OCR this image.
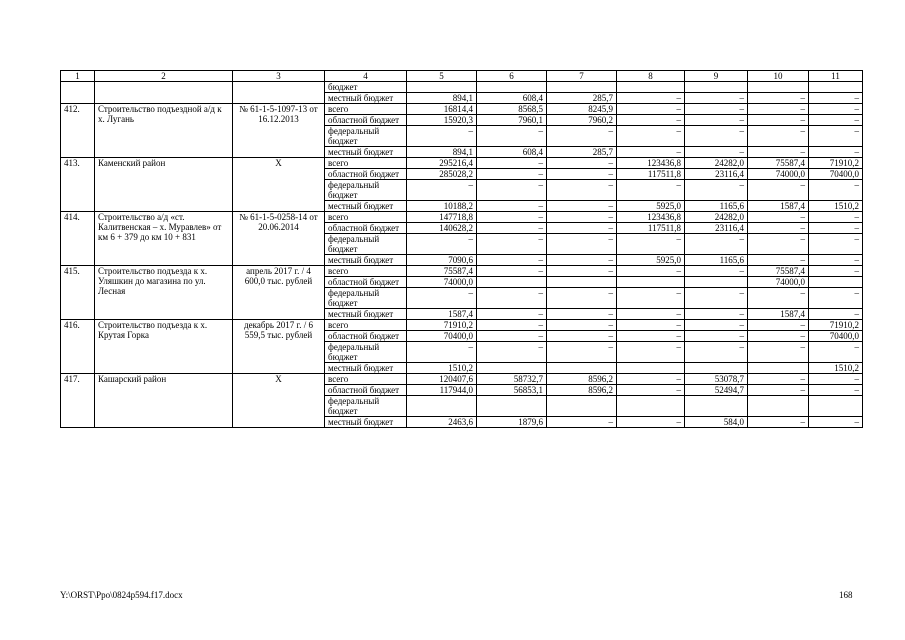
1	2	3	4	5	6	7	8	9	10	11
			бюджет							
			местный бюджет	894,1	608,4	285,7	–	–	–	–
412.	Строительство подъездной а/д к х. Лугань	№ 61-1-5-1097-13 от 16.12.2013	всего	16814,4	8568,5	8245,9	–	–	–	–
			областной бюджет	15920,3	7960,1	7960,2	–	–	–	–
			федеральный бюджет	–	–	–	–	–	–	–
			местный бюджет	894,1	608,4	285,7	–	–	–	–
413.	Каменский район	Х	всего	295216,4	–	–	123436,8	24282,0	75587,4	71910,2
			областной бюджет	285028,2	–	–	117511,8	23116,4	74000,0	70400,0
			федеральный бюджет	–	–	–	–	–	–	–
			местный бюджет	10188,2	–	–	5925,0	1165,6	1587,4	1510,2
414.	Строительство а/д «ст. Калитвенская – х. Муравлев» от км 6 + 379 до км 10 + 831	№ 61-1-5-0258-14 от 20.06.2014	всего	147718,8	–	–	123436,8	24282,0	–	–
			областной бюджет	140628,2	–	–	117511,8	23116,4	–	–
			федеральный бюджет	–	–	–	–	–	–	–
			местный бюджет	7090,6	–	–	5925,0	1165,6	–	–
415.	Строительство подъезда к х. Уляшкин до магазина по ул. Лесная	апрель 2017 г. / 4 600,0 тыс. рублей	всего	75587,4	–	–	–	–	75587,4	–
			областной бюджет	74000,0					74000,0	
			федеральный бюджет	–	–	–	–	–	–	–
			местный бюджет	1587,4	–	–	–	–	1587,4	–
416.	Строительство подъезда к х. Крутая Горка	декабрь 2017 г. / 6 559,5 тыс. рублей	всего	71910,2	–	–	–	–	–	71910,2
			областной бюджет	70400,0	–	–	–	–	–	70400,0
			федеральный бюджет	–	–	–	–	–	–	–
			местный бюджет	1510,2						1510,2
417.	Кашарский район	Х	всего	120407,6	58732,7	8596,2	–	53078,7	–	–
			областной бюджет	117944,0	56853,1	8596,2	–	52494,7	–	–
			федеральный бюджет							
			местный бюджет	2463,6	1879,6	–	–	584,0	–	–
Y:\ORST\Ppo\0824p594.f17.docx	168
